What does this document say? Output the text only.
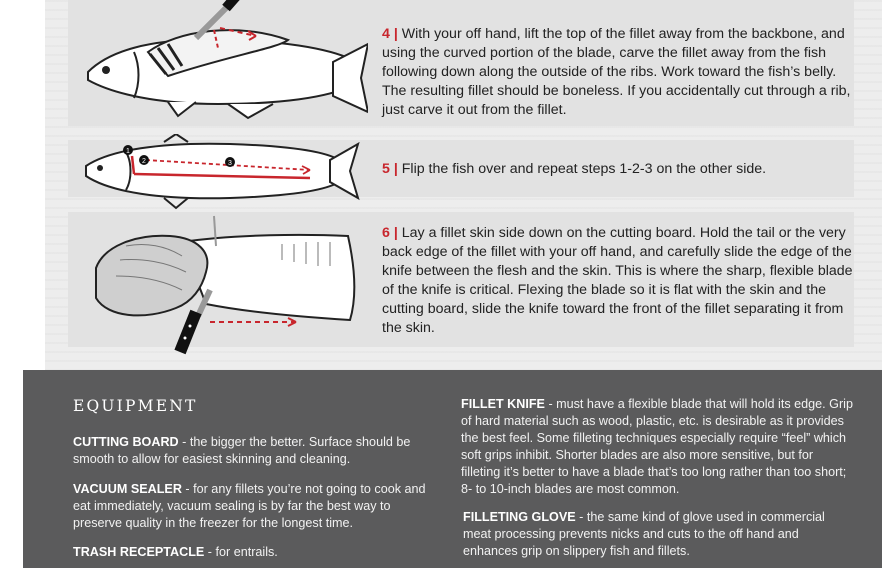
4 | With your off hand, lift the top of the fillet away from the backbone, and using the curved portion of the blade, carve the fillet away from the fish following down along the outside of the ribs. Work toward the fish’s belly. The resulting fillet should be boneless. If you accidentally cut through a rib, just carve it out from the fillet.
1
2	3	5 | Flip the fish over and repeat steps 1-2-3 on the other side.
6 | Lay a fillet skin side down on the cutting board. Hold the tail or the very back edge of the fillet with your off hand, and carefully slide the edge of the knife between the flesh and the skin. This is where the sharp, flexible blade of the knife is critical. Flexing the blade so it is flat with the skin and the cutting board, slide the knife toward the front of the fillet separating it from the skin.
EQUIPMENT
CUTTING BOARD - the bigger the better. Surface should be smooth to allow for easiest skinning and cleaning.
VACUUM SEALER - for any fillets you’re not going to cook and eat immediately, vacuum sealing is by far the best way to preserve quality in the freezer for the longest time.
TRASH RECEPTACLE - for entrails.
FILLET KNIFE - must have a flexible blade that will hold its edge. Grip of hard material such as wood, plastic, etc. is desirable as it provides the best feel. Some filleting techniques especially require “feel” which soft grips inhibit. Shorter blades are also more sensitive, but for filleting it’s better to have a blade that’s too long rather than too short; 8- to 10-inch blades are most common.
FILLETING GLOVE - the same kind of glove used in commercial meat processing prevents nicks and cuts to the off hand and enhances grip on slippery fish and fillets.
